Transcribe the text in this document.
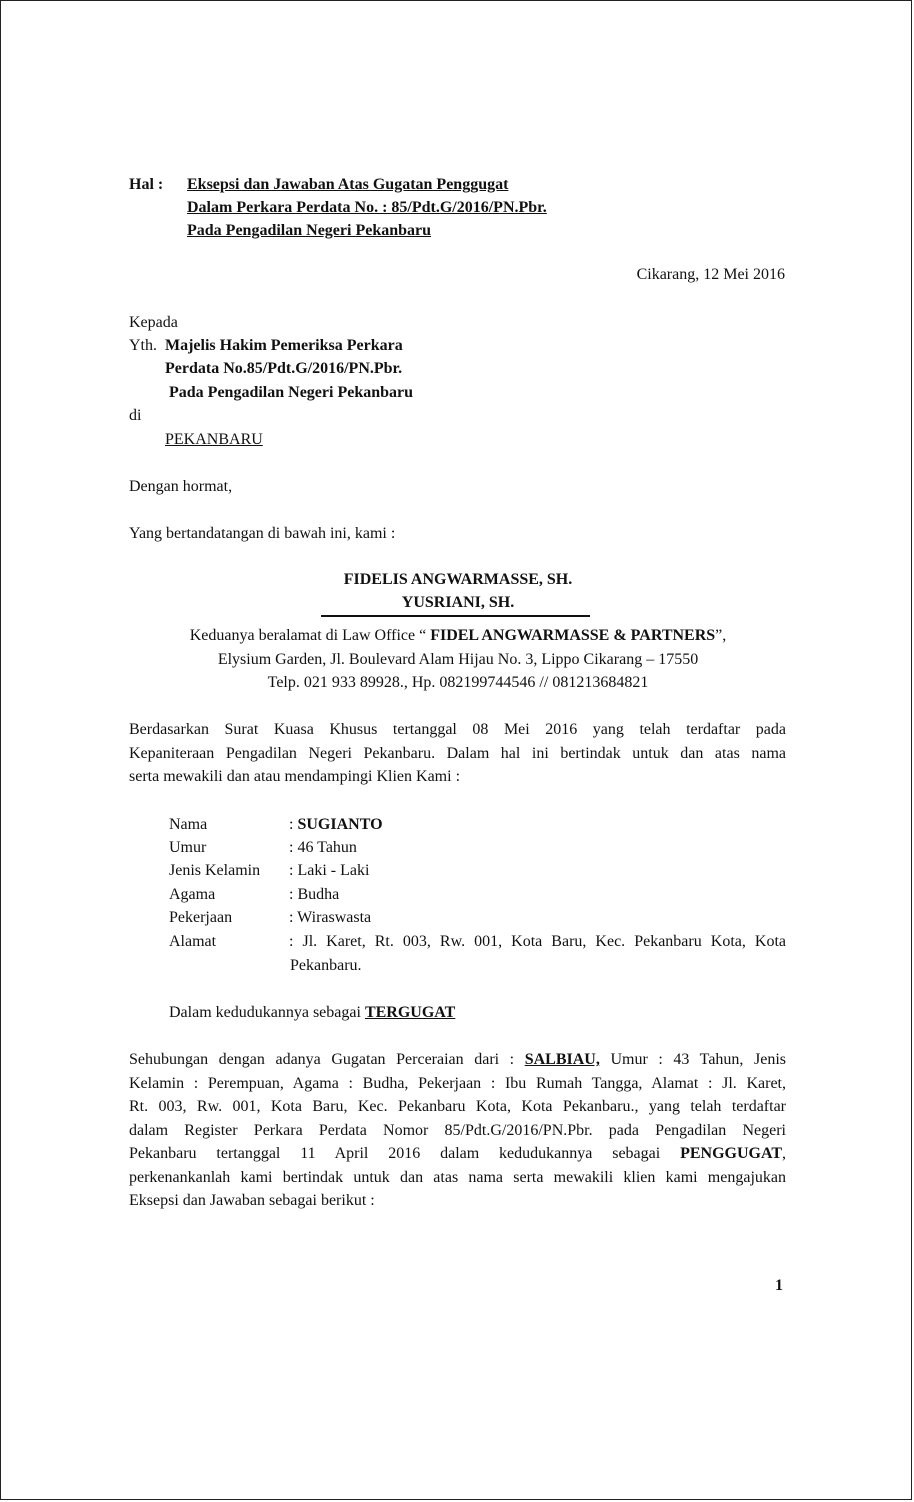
Hal : Eksepsi dan Jawaban Atas Gugatan Penggugat
Dalam Perkara Perdata No. : 85/Pdt.G/2016/PN.Pbr.
Pada Pengadilan Negeri Pekanbaru
Cikarang, 12 Mei 2016
Kepada
Yth. Majelis Hakim Pemeriksa Perkara
Perdata No.85/Pdt.G/2016/PN.Pbr.
Pada Pengadilan Negeri Pekanbaru
di
PEKANBARU
Dengan hormat,
Yang bertandatangan di bawah ini, kami :
FIDELIS ANGWARMASSE, SH.
YUSRIANI, SH.
Keduanya beralamat di Law Office “ FIDEL ANGWARMASSE & PARTNERS”,
Elysium Garden, Jl. Boulevard Alam Hijau No. 3, Lippo Cikarang – 17550
Telp. 021 933 89928., Hp. 082199744546 // 081213684821
Berdasarkan Surat Kuasa Khusus tertanggal 08 Mei 2016 yang telah terdaftar pada
Kepaniteraan Pengadilan Negeri Pekanbaru. Dalam hal ini bertindak untuk dan atas nama
serta mewakili dan atau mendampingi Klien Kami :
Nama	: SUGIANTO
Umur	: 46 Tahun
Jenis Kelamin : Laki - Laki
Agama	: Budha
Pekerjaan	: Wiraswasta
Alamat	: Jl. Karet, Rt. 003, Rw. 001, Kota Baru, Kec. Pekanbaru Kota, Kota
Pekanbaru.
Dalam kedudukannya sebagai TERGUGAT
Sehubungan dengan adanya Gugatan Perceraian dari : SALBIAU, Umur : 43 Tahun, Jenis
Kelamin : Perempuan, Agama : Budha, Pekerjaan : Ibu Rumah Tangga, Alamat : Jl. Karet,
Rt. 003, Rw. 001, Kota Baru, Kec. Pekanbaru Kota, Kota Pekanbaru., yang telah terdaftar
dalam Register Perkara Perdata Nomor 85/Pdt.G/2016/PN.Pbr. pada Pengadilan Negeri
Pekanbaru tertanggal 11 April 2016 dalam kedudukannya sebagai PENGGUGAT,
perkenankanlah kami bertindak untuk dan atas nama serta mewakili klien kami mengajukan
Eksepsi dan Jawaban sebagai berikut :
1
